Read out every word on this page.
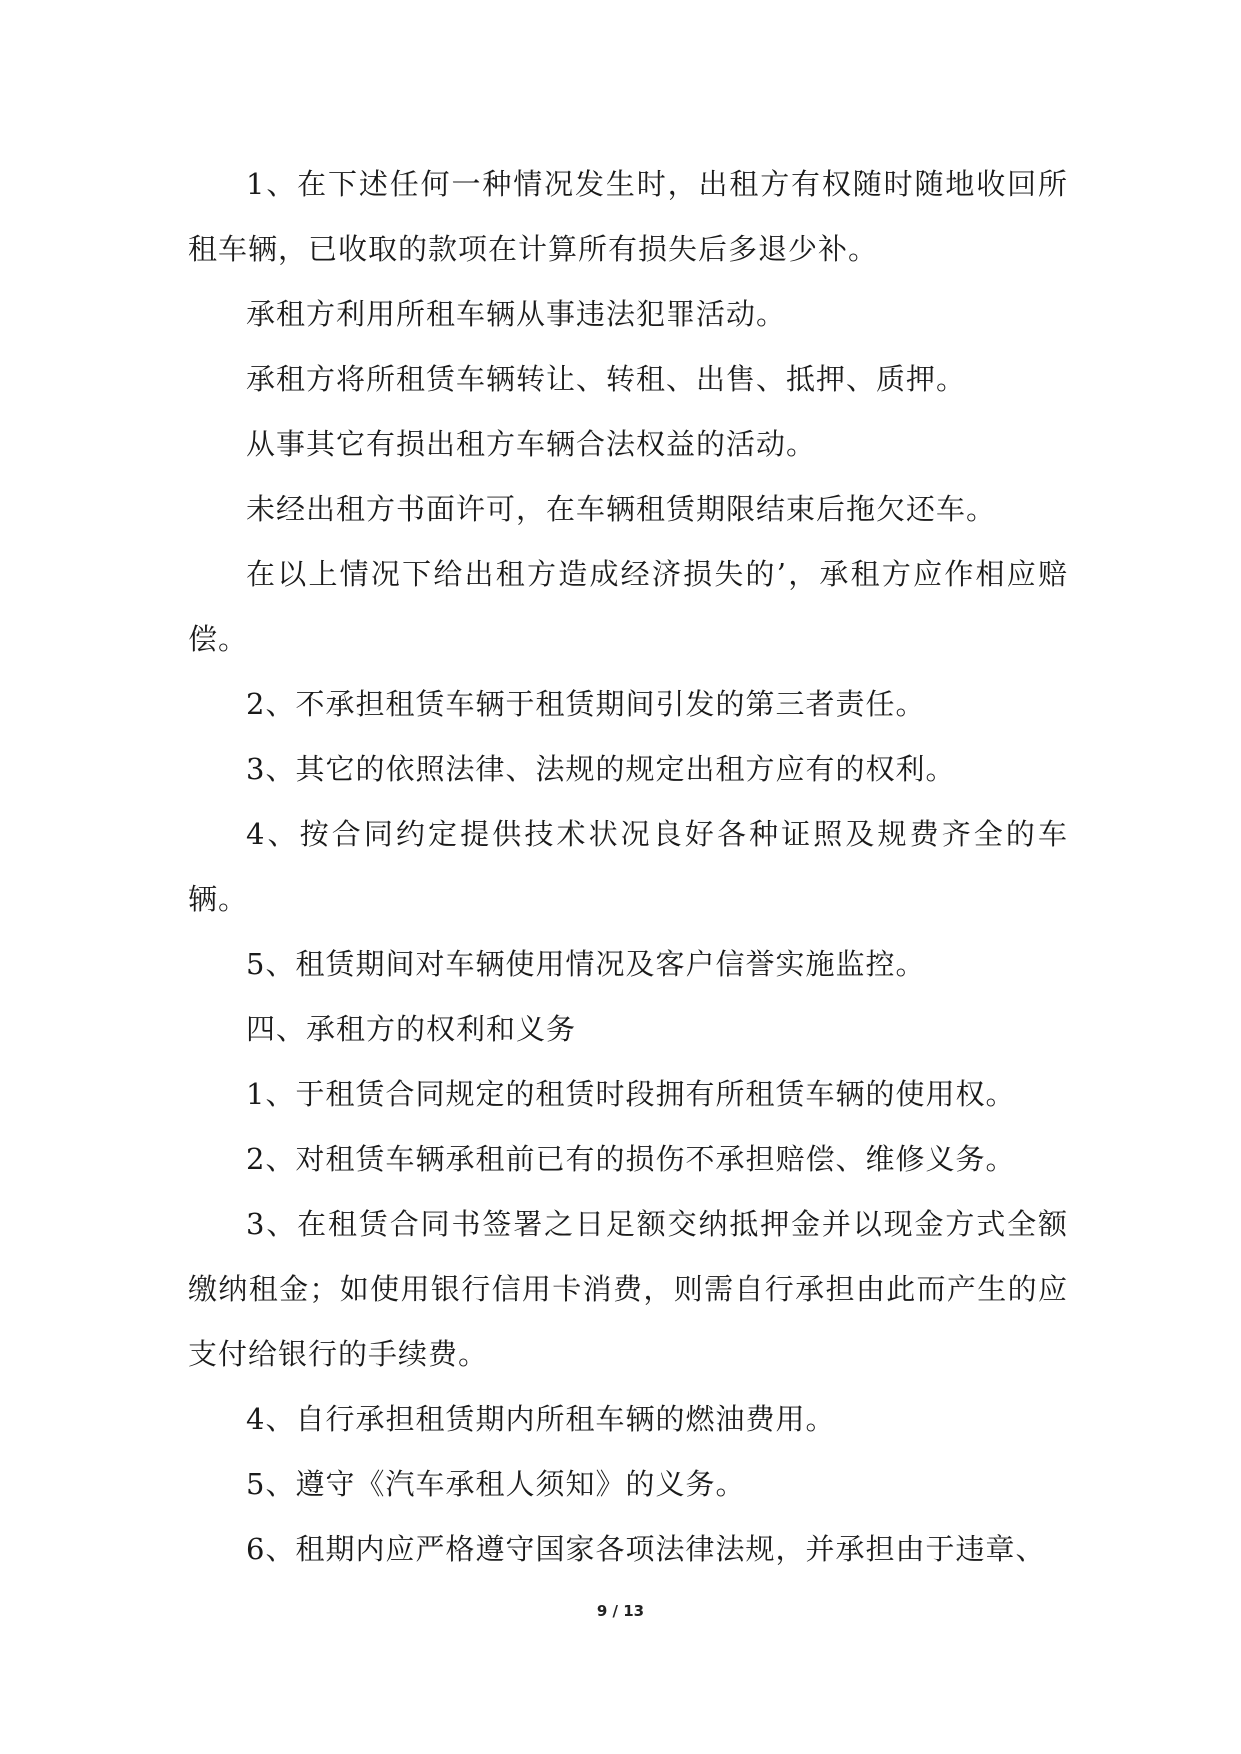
1、在下述任何一种情况发生时，出租方有权随时随地收回所租车辆，已收取的款项在计算所有损失后多退少补。

承租方利用所租车辆从事违法犯罪活动。

承租方将所租赁车辆转让、转租、出售、抵押、质押。

从事其它有损出租方车辆合法权益的活动。

未经出租方书面许可，在车辆租赁期限结束后拖欠还车。

在以上情况下给出租方造成经济损失的’，承租方应作相应赔偿。

2、不承担租赁车辆于租赁期间引发的第三者责任。

3、其它的依照法律、法规的规定出租方应有的权利。

4、按合同约定提供技术状况良好各种证照及规费齐全的车辆。

5、租赁期间对车辆使用情况及客户信誉实施监控。

四、承租方的权利和义务

1、于租赁合同规定的租赁时段拥有所租赁车辆的使用权。

2、对租赁车辆承租前已有的损伤不承担赔偿、维修义务。

3、在租赁合同书签署之日足额交纳抵押金并以现金方式全额缴纳租金；如使用银行信用卡消费，则需自行承担由此而产生的应支付给银行的手续费。

4、自行承担租赁期内所租车辆的燃油费用。

5、遵守《汽车承租人须知》的义务。

6、租期内应严格遵守国家各项法律法规，并承担由于违章、

9 / 13
